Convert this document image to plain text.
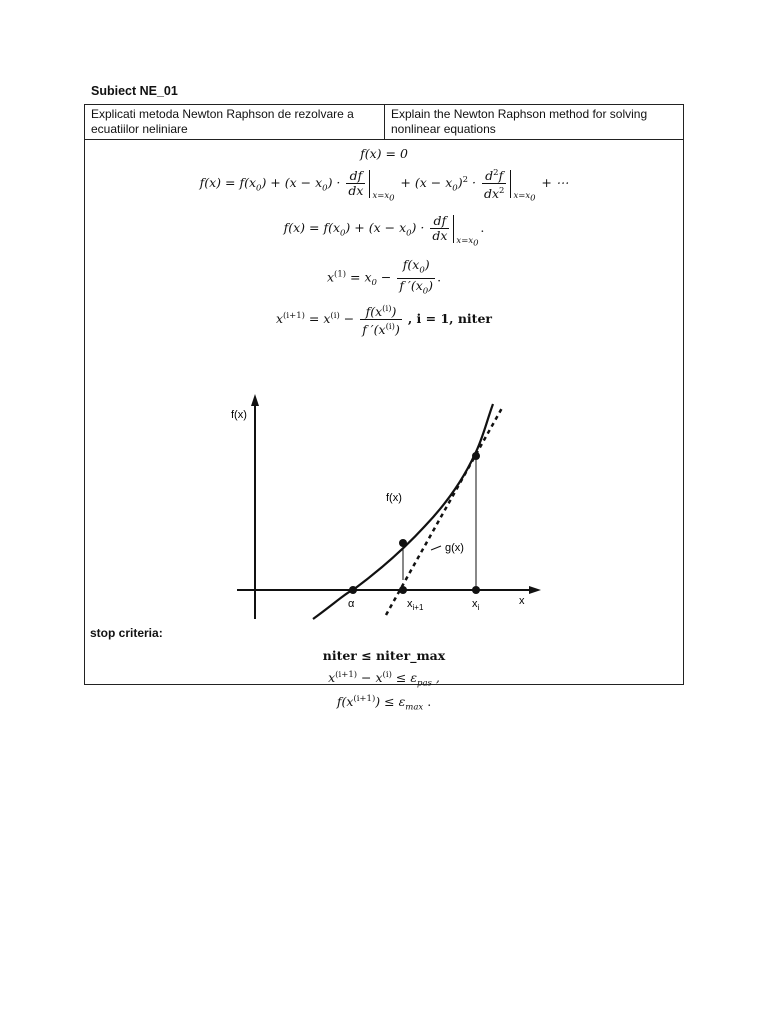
Subiect NE_01
Explicati metoda Newton Raphson de rezolvare a ecuatiilor neliniare
Explain the Newton Raphson method for solving nonlinear equations
f(x) = 0
$f(x) = f(x_0) + (x - x_0) \cdot \frac{df}{dx} x=x_0$
+ $(x - x_0)^2 \cdot \frac{d^2f}{dx^2} x=x_0$
+ ⋯
$f(x) = f(x_0) + (x - x_0) \cdot \frac{df}{dx} x=x_0$
.
$x^{(1)} = x_0 - \frac{f(x_0)}{f '(x_0)}$ .
$x^{(i+1)} = x^{(i)} - \frac{f(x^{(i)})}{f '(x^{(i)})}$ , i = 1, niter
f(x)
x
f(x)
g(x)
α	$x_{i+1}$	$x_i$
stop criteria:
niter ≤ niter_max
$x^{(i+1)} - x^{(i)} \le \varepsilon_{pas}$ ,
$f(x^{(i+1)}) \le \varepsilon_{max}$ .
